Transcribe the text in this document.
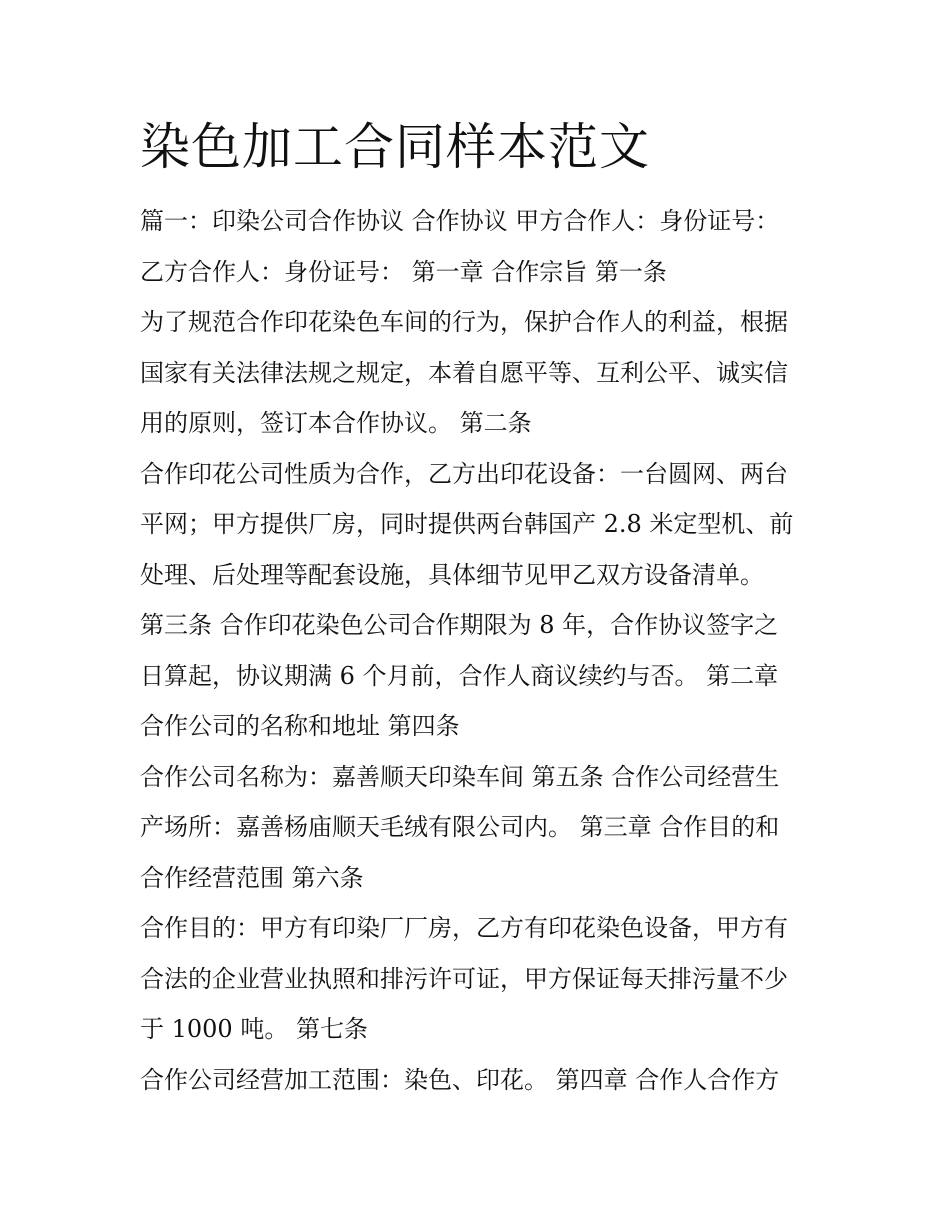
染色加工合同样本范文
篇一：印染公司合作协议 合作协议 甲方合作人：身份证号：
乙方合作人：身份证号： 第一章 合作宗旨 第一条
为了规范合作印花染色车间的行为，保护合作人的利益，根据
国家有关法律法规之规定，本着自愿平等、互利公平、诚实信
用的原则，签订本合作协议。 第二条
合作印花公司性质为合作，乙方出印花设备：一台圆网、两台
平网；甲方提供厂房，同时提供两台韩国产 2.8 米定型机、前
处理、后处理等配套设施，具体细节见甲乙双方设备清单。
第三条 合作印花染色公司合作期限为 8 年，合作协议签字之
日算起，协议期满 6 个月前，合作人商议续约与否。 第二章
合作公司的名称和地址 第四条
合作公司名称为：嘉善顺天印染车间 第五条 合作公司经营生
产场所：嘉善杨庙顺天毛绒有限公司内。 第三章 合作目的和
合作经营范围 第六条
合作目的：甲方有印染厂厂房，乙方有印花染色设备，甲方有
合法的企业营业执照和排污许可证，甲方保证每天排污量不少
于 1000 吨。 第七条
合作公司经营加工范围：染色、印花。 第四章 合作人合作方
